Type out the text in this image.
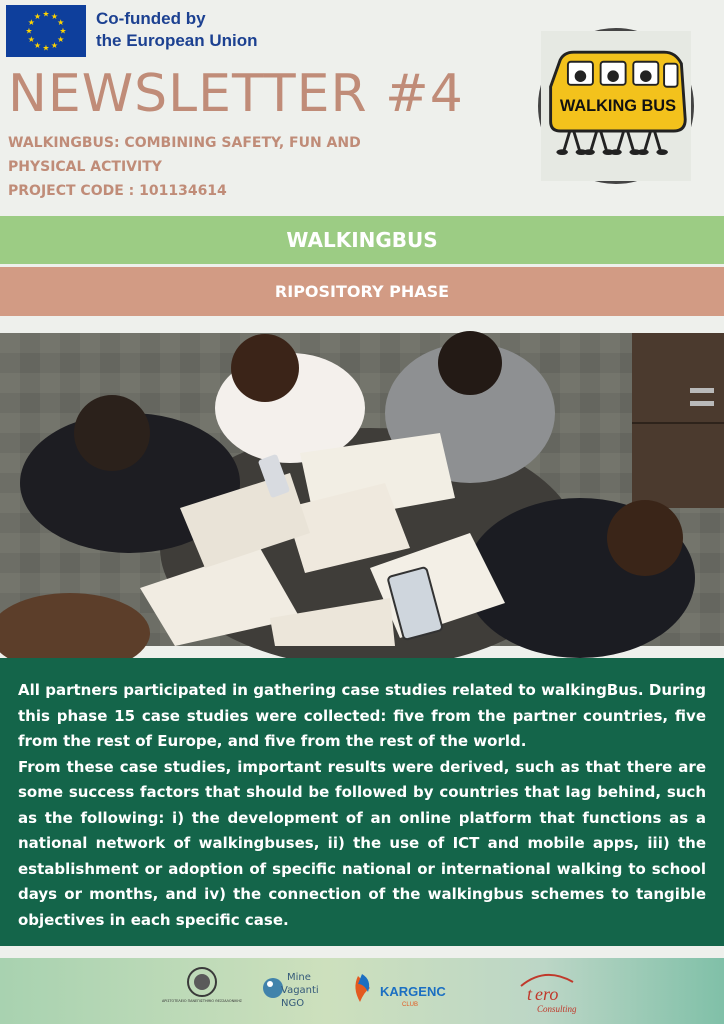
★ ★
★
★
★
★
★
★
★
★
★
★	Co-funded by
the European Union
NEWSLETTER #4
WALKINGBUS: COMBINING SAFETY, FUN AND
PHYSICAL ACTIVITY
PROJECT CODE : 101134614
WALKING BUS
WALKINGBUS
RIPOSITORY PHASE

All partners participated in gathering case studies related to walkingBus. During this phase 15 case studies were collected: five from the partner countries, five from the rest of Europe, and five from the rest of the world.

From these case studies, important results were derived, such as that there are some success factors that should be followed by countries that lag behind, such as the following: i) the development of an online platform that functions as a national network of walkingbuses, ii) the use of ICT and mobile apps, iii) the establishment or adoption of specific national or international walking to school days or months, and iv) the connection of the walkingbus schemes to tangible objectives in each specific case.

ΑΡΙΣΤΟΤΕΛΕΙΟ ΠΑΝΕΠΙΣΤΗΜΙΟ ΘΕΣΣΑΛΟΝΙΚΗΣ
Mine
Vaganti
NGO
KARGENC
CLUB
t ero
Consulting
